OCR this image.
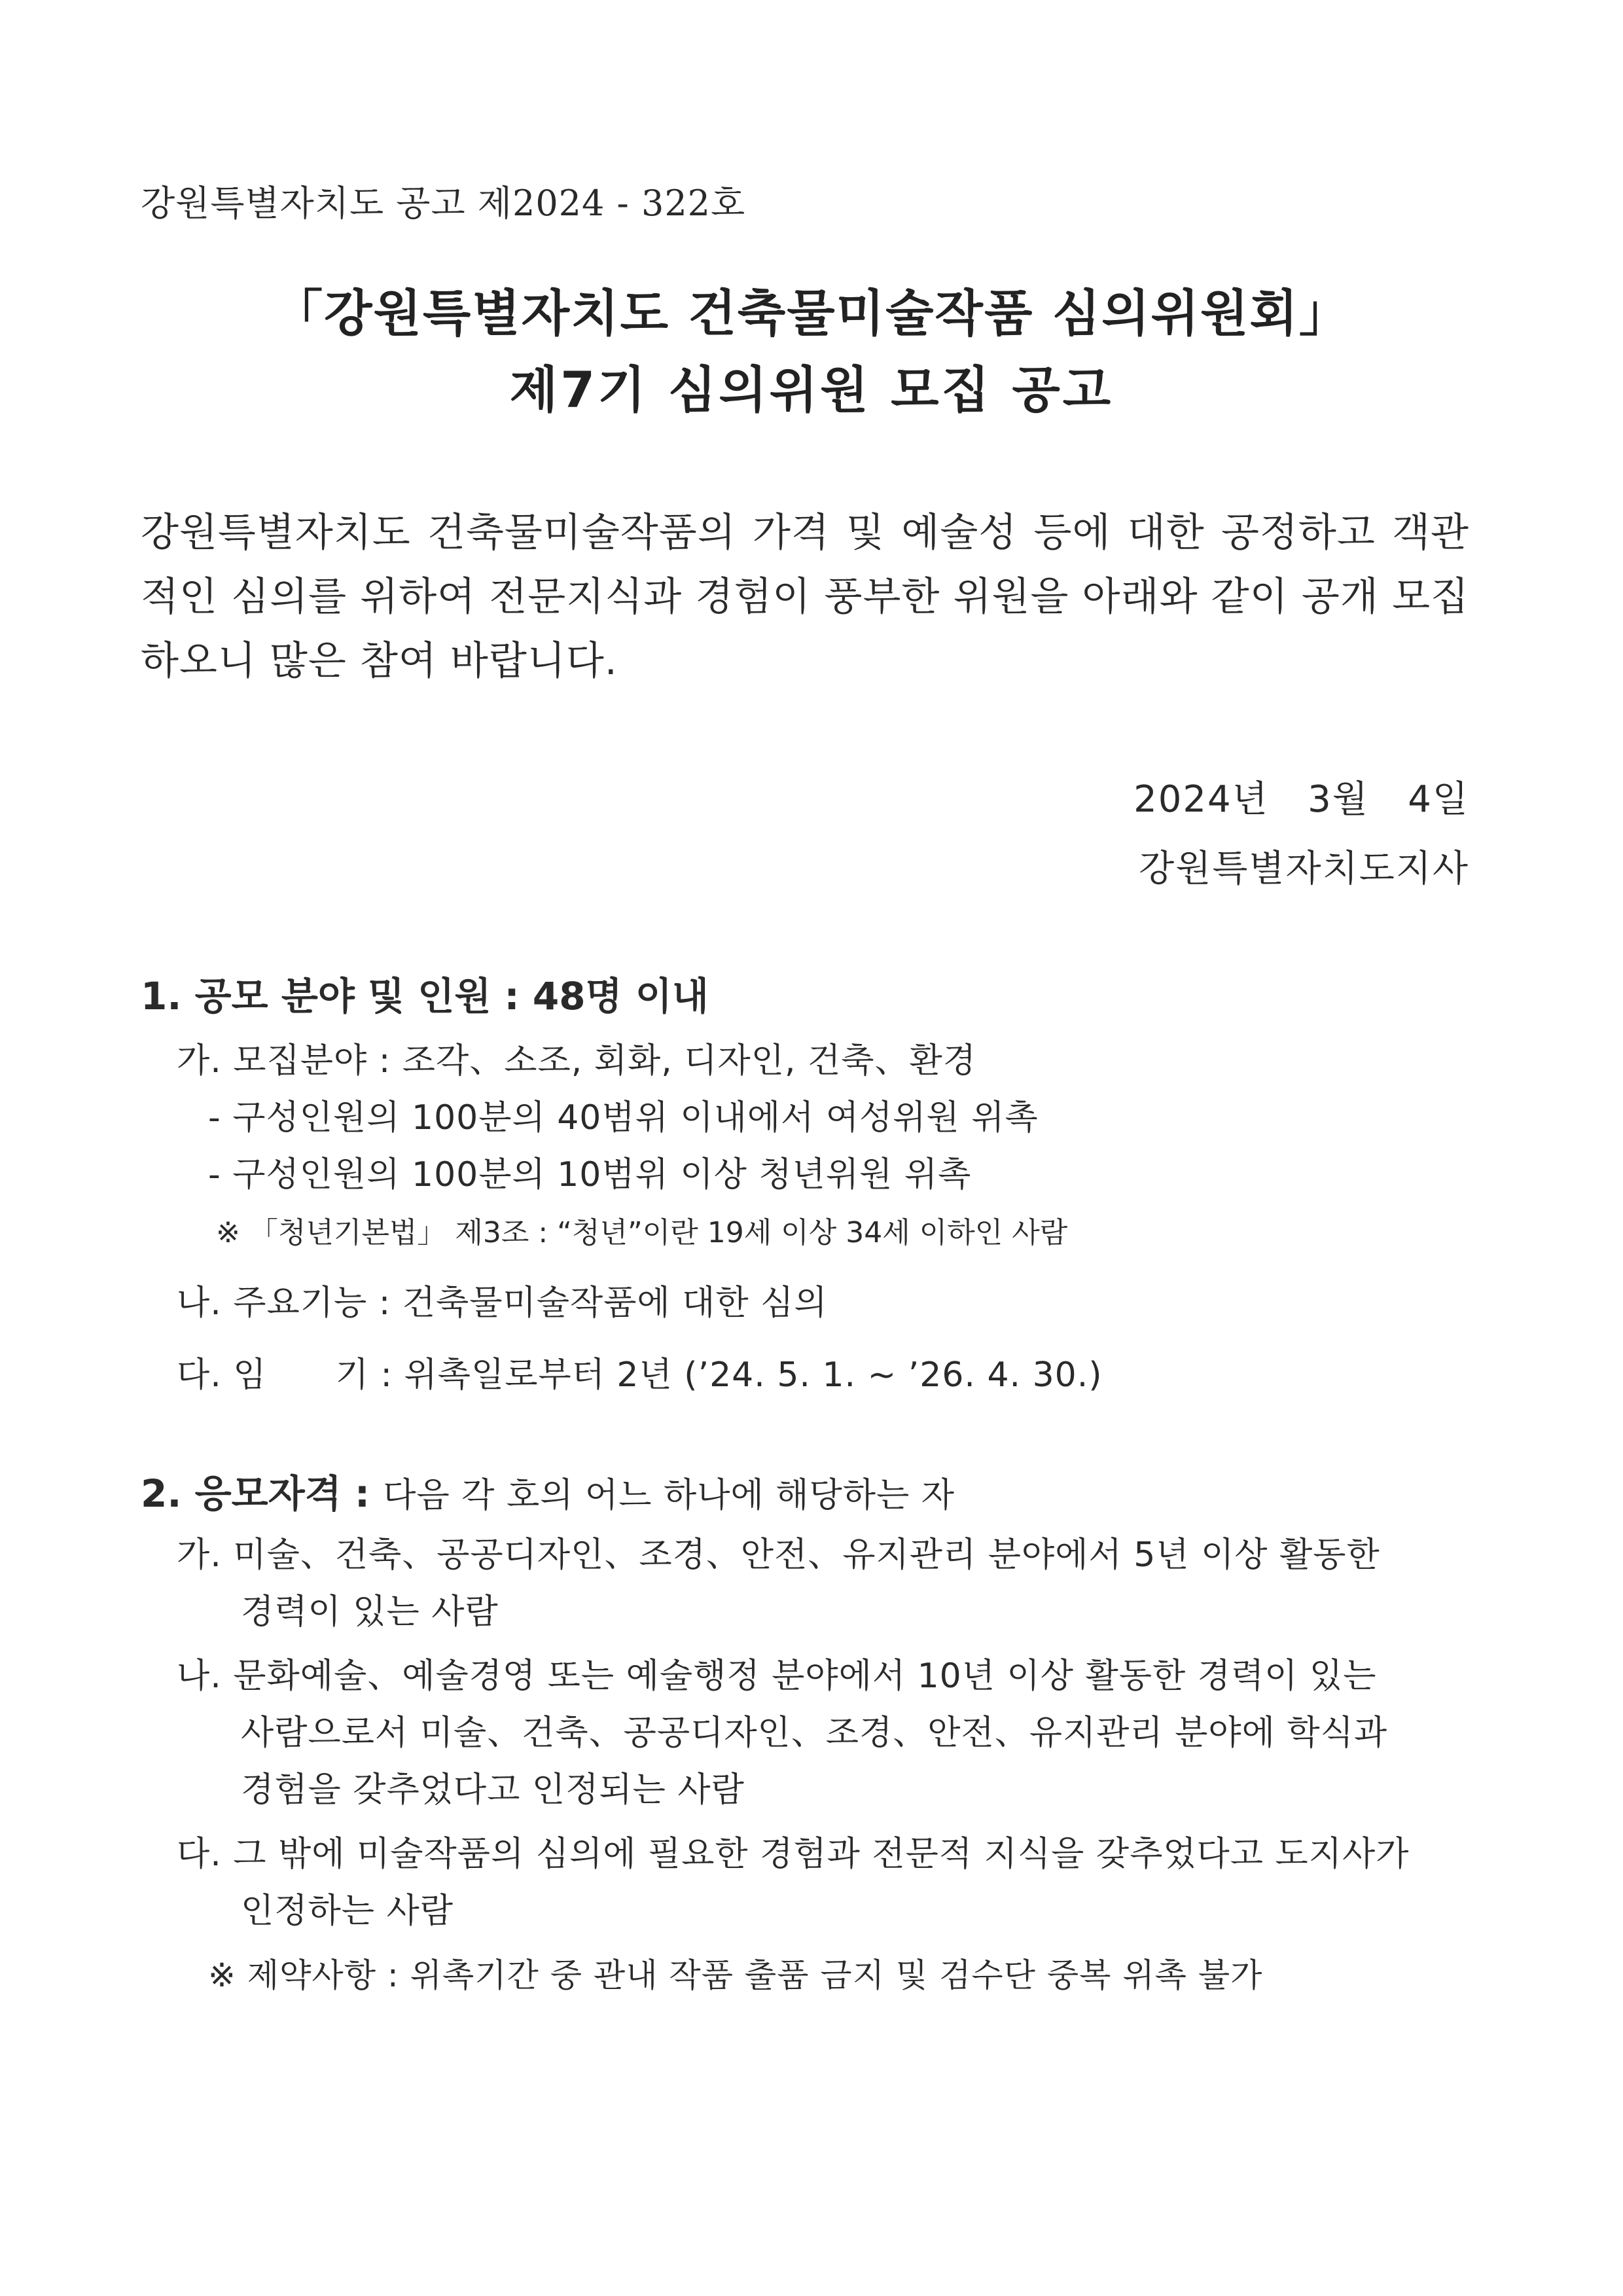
강원특별자치도 공고 제2024 - 322호
「강원특별자치도 건축물미술작품 심의위원회」
제7기 심의위원 모집 공고
강원특별자치도 건축물미술작품의 가격 및 예술성 등에 대한 공정하고 객관적인 심의를 위하여 전문지식과 경험이 풍부한 위원을 아래와 같이 공개 모집하오니 많은 참여 바랍니다.
2024년   3월   4일
강원특별자치도지사
1. 공모 분야 및 인원 : 48명 이내
가. 모집분야 : 조각、소조, 회화, 디자인, 건축、환경
- 구성인원의 100분의 40범위 이내에서 여성위원 위촉
- 구성인원의 100분의 10범위 이상 청년위원 위촉
※ 「청년기본법」 제3조 : “청년”이란 19세 이상 34세 이하인 사람
나. 주요기능 : 건축물미술작품에 대한 심의
다. 임      기 : 위촉일로부터 2년 (’24. 5. 1. ~ ’26. 4. 30.)
2. 응모자격 : 다음 각 호의 어느 하나에 해당하는 자
가. 미술、건축、공공디자인、조경、안전、유지관리 분야에서 5년 이상 활동한
경력이 있는 사람
나. 문화예술、예술경영 또는 예술행정 분야에서 10년 이상 활동한 경력이 있는
사람으로서 미술、건축、공공디자인、조경、안전、유지관리 분야에 학식과
경험을 갖추었다고 인정되는 사람
다. 그 밖에 미술작품의 심의에 필요한 경험과 전문적 지식을 갖추었다고 도지사가
인정하는 사람
※ 제약사항 : 위촉기간 중 관내 작품 출품 금지 및 검수단 중복 위촉 불가
